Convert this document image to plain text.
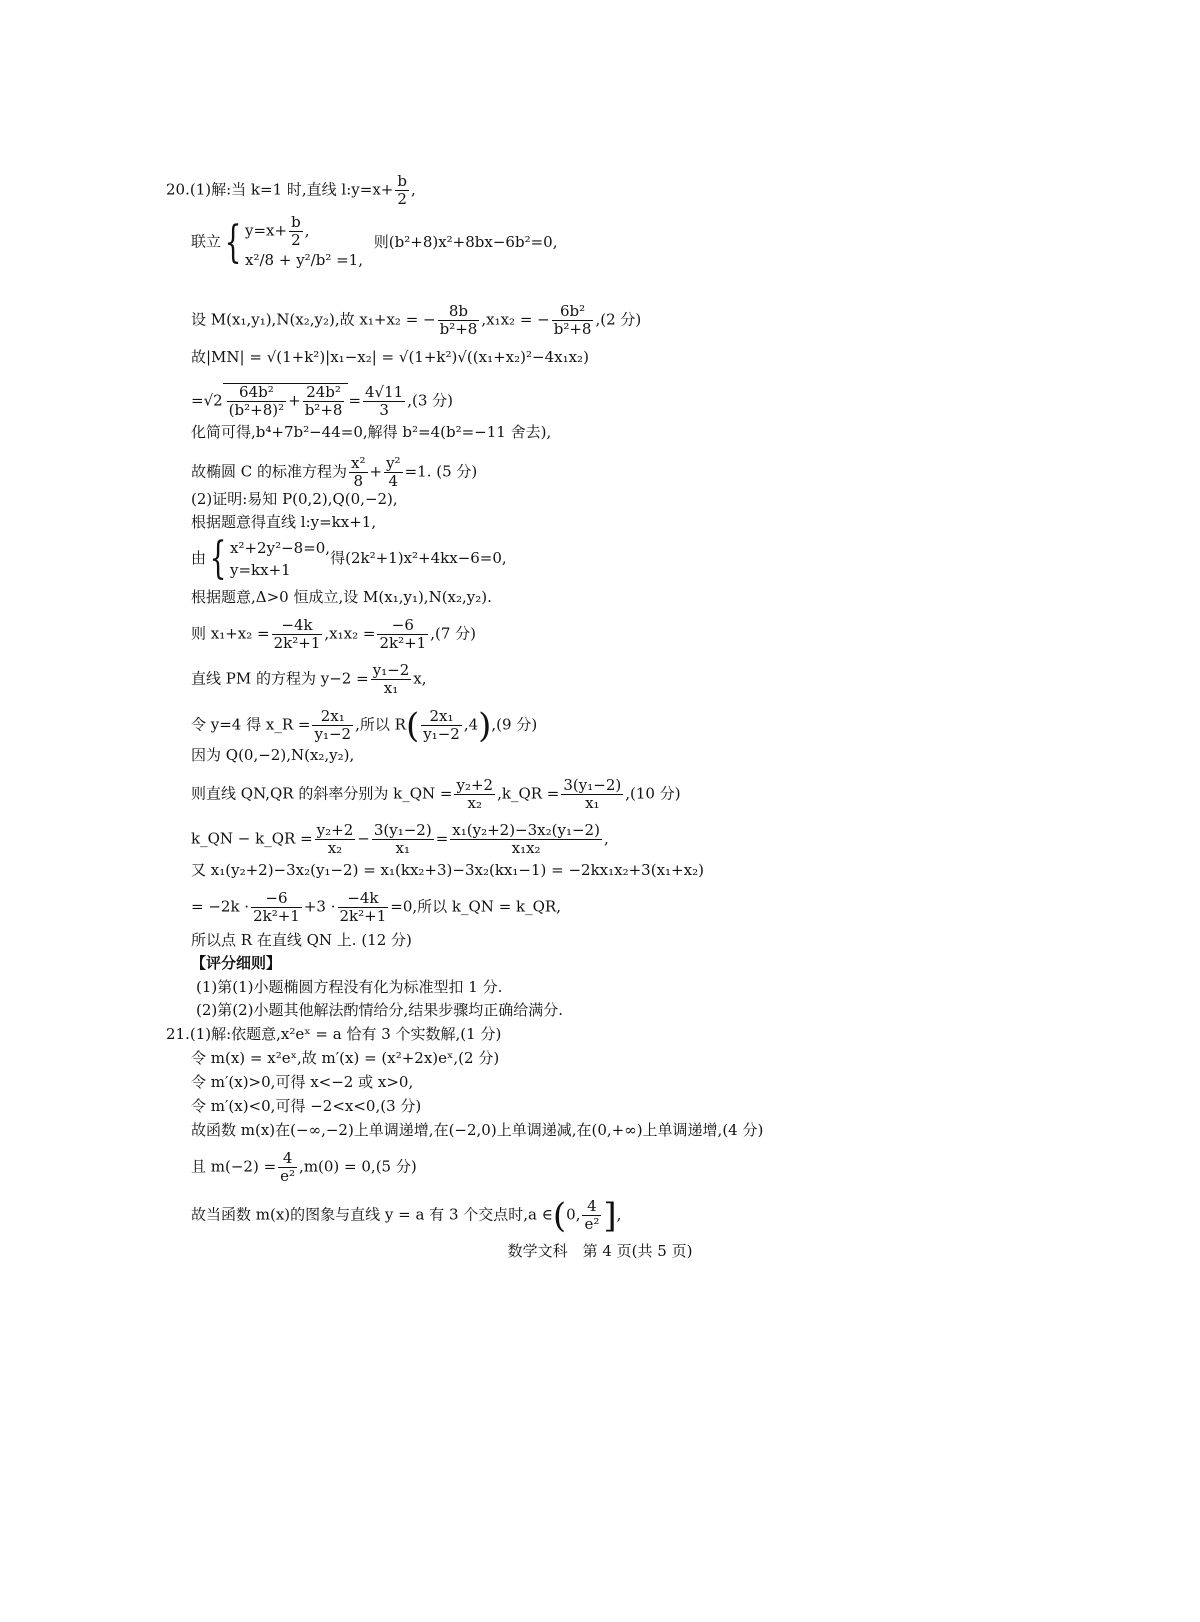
20.(1)解:当 k=1 时,直线 l:y=x+ $\frac{b}{2}$ ,
联立{ $y=x+ \frac{b}{2}$ ,
x²/8 + y²/b² =1,
则(b²+8)x²+8bx−6b²=0,
设 M(x₁,y₁),N(x₂,y₂),故 x₁+x₂ = − $\frac{8b}{\text{b²+8}} ,x_1x_2$ = − $\frac{\text{6b²}}{\text{b²+8}} ,(2$ 分)
故|MN| = √(1+k²)|x₁−x₂| = √(1+k²)√((x₁+x₂)²−4x₁x₂)
$=√2 \frac{\text{64b²}}{\text{(b²+8)²}} + \frac{\text{24b²}}{\text{b²+8}} = \frac{4√11}{3} ,(3$ 分)
化简可得,b⁴+7b²−44=0,解得 b²=4(b²=−11 舍去),
故椭圆 C 的标准方程为 $\frac{\text{x²}}{8} + \frac{\text{y²}}{4} =1$. (5 分)
(2)证明:易知 P(0,2),Q(0,−2),
根据题意得直线 l:y=kx+1,
由{ x²+2y²−8=0,
y=kx+1
得(2k²+1)x²+4kx−6=0,
根据题意,Δ>0 恒成立,设 M(x₁,y₁),N(x₂,y₂).
则 $x_1+x_2 = \frac{-4k}{\text{2k²+1}} ,x_1x_2 = \frac{-6}{\text{2k²+1}} ,(7$ 分)
直线 PM 的方程为 $y-2 = \frac{\text{y₁−2}}{\text{x₁}} x$,
令 y=4 得 x_R = $\frac{\text{2x₁}}{\text{y₁−2}}$ ,所以 $R( \frac{\text{2x₁}}{\text{y₁−2}} ,4),(9$ 分)
因为 Q(0,−2),N(x₂,y₂),
则直线 QN,QR 的斜率分别为 k_QN = $\frac{\text{y₂+2}}{\text{x₂}}$ ,k_QR = $\frac{\text{3(y₁−2)}}{\text{x₁}} ,(10$ 分)
k_QN − k_QR = $\frac{\text{y₂+2}}{\text{x₂}} - \frac{\text{3(y₁−2)}}{\text{x₁}} = \frac{\text{x₁(y₂+2)−3x₂(y₁−2)}}{\text{x₁x₂}}$ ,
又 x₁(y₂+2)−3x₂(y₁−2) = x₁(kx₂+3)−3x₂(kx₁−1) = −2kx₁x₂+3(x₁+x₂)
= $-2k \cdot \frac{-6}{\text{2k²+1}} +3 \cdot \frac{-4k}{\text{2k²+1}} =0$,所以 k_QN = k_QR,
所以点 R 在直线 QN 上. (12 分)
【评分细则】
(1)第(1)小题椭圆方程没有化为标准型扣 1 分.
(2)第(2)小题其他解法酌情给分,结果步骤均正确给满分.
21.(1)解:依题意,x²eˣ = a 恰有 3 个实数解,(1 分)
令 m(x) = x²eˣ,故 m′(x) = (x²+2x)eˣ,(2 分)
令 m′(x)>0,可得 x<−2 或 x>0,
令 m′(x)<0,可得 −2<x<0,(3 分)
故函数 m(x)在(−∞,−2)上单调递增,在(−2,0)上单调递减,在(0,+∞)上单调递增,(4 分)
且 $m(-2) = \frac{4}{\text{e²}} ,m(0) = 0,(5$ 分)
故当函数 m(x)的图象与直线 y = a 有 3 个交点时,a ∈(0, $\frac{4}{\text{e²}}$ ],
数学文科　第 4 页(共 5 页)
